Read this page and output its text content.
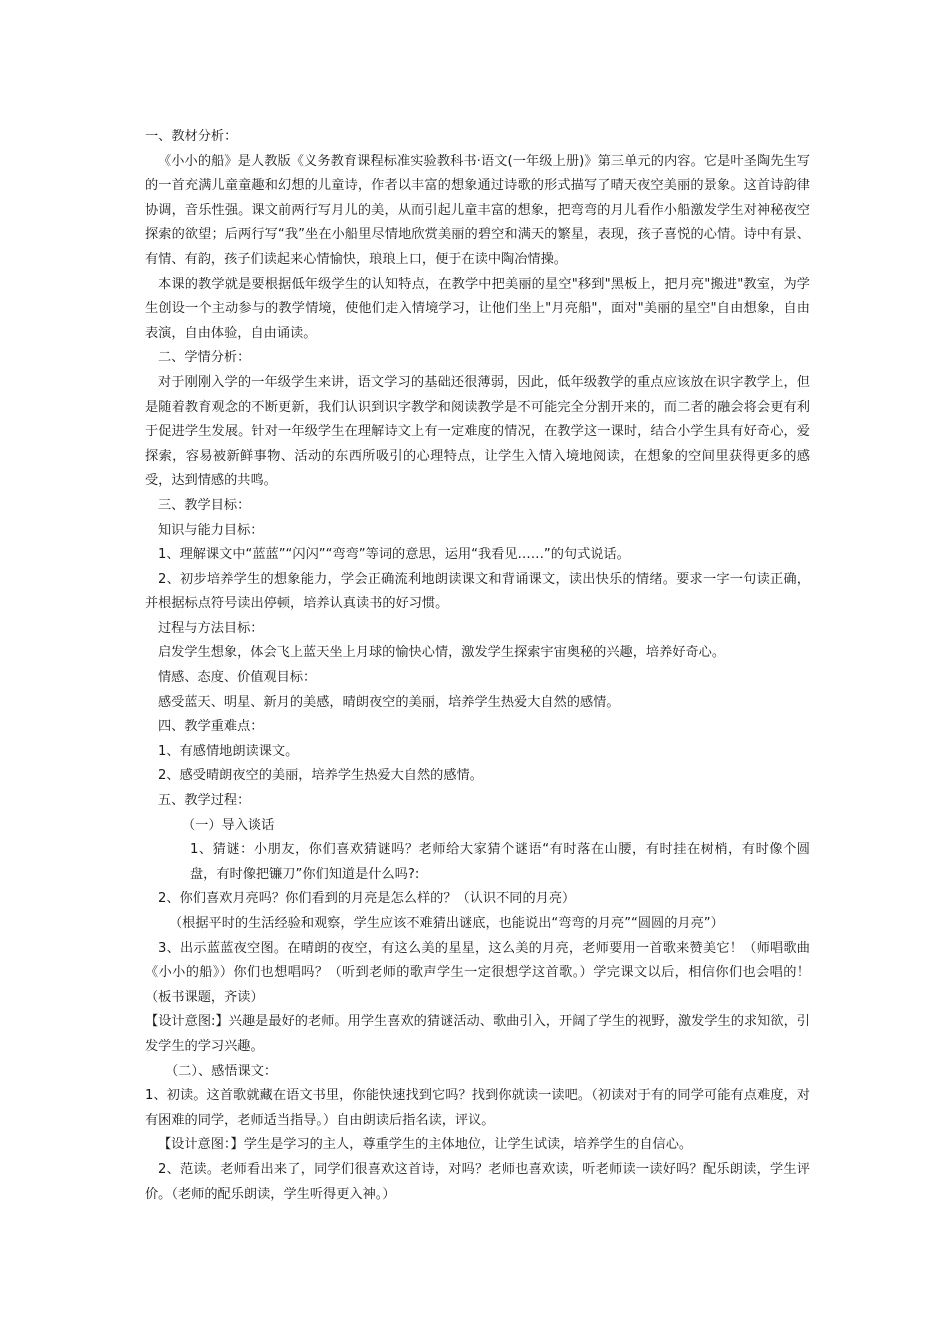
一、教材分析：

《小小的船》是人教版《义务教育课程标准实验教科书·语文(一年级上册)》第三单元的内容。它是叶圣陶先生写的一首充满儿童童趣和幻想的儿童诗，作者以丰富的想象通过诗歌的形式描写了晴天夜空美丽的景象。这首诗韵律协调，音乐性强。课文前两行写月儿的美，从而引起儿童丰富的想象，把弯弯的月儿看作小船激发学生对神秘夜空探索的欲望；后两行写“我”坐在小船里尽情地欣赏美丽的碧空和满天的繁星，表现，孩子喜悦的心情。诗中有景、有情、有韵，孩子们读起来心情愉快，琅琅上口，便于在读中陶冶情操。

本课的教学就是要根据低年级学生的认知特点，在教学中把美丽的星空"移到"黑板上，把月亮"搬进"教室，为学生创设一个主动参与的教学情境，使他们走入情境学习，让他们坐上"月亮船"，面对"美丽的星空"自由想象，自由表演，自由体验，自由诵读。

二、学情分析：

对于刚刚入学的一年级学生来讲，语文学习的基础还很薄弱，因此，低年级教学的重点应该放在识字教学上，但是随着教育观念的不断更新，我们认识到识字教学和阅读教学是不可能完全分割开来的，而二者的融会将会更有利于促进学生发展。针对一年级学生在理解诗文上有一定难度的情况，在教学这一课时，结合小学生具有好奇心，爱探索，容易被新鲜事物、活动的东西所吸引的心理特点，让学生入情入境地阅读，在想象的空间里获得更多的感受，达到情感的共鸣。

三、教学目标：

知识与能力目标：

1、理解课文中“蓝蓝”“闪闪”“弯弯”等词的意思，运用“我看见……”的句式说话。

2、初步培养学生的想象能力，学会正确流利地朗读课文和背诵课文，读出快乐的情绪。要求一字一句读正确，并根据标点符号读出停顿，培养认真读书的好习惯。

过程与方法目标：

启发学生想象，体会飞上蓝天坐上月球的愉快心情，激发学生探索宇宙奥秘的兴趣，培养好奇心。

情感、态度、价值观目标：

感受蓝天、明星、新月的美感，晴朗夜空的美丽，培养学生热爱大自然的感情。

四、教学重难点：

1、有感情地朗读课文。

2、感受晴朗夜空的美丽，培养学生热爱大自然的感情。

五、教学过程：

（一）导入谈话

1、猜谜：小朋友，你们喜欢猜谜吗？老师给大家猜个谜语“有时落在山腰，有时挂在树梢，有时像个圆盘，有时像把镰刀”你们知道是什么吗?:

2、你们喜欢月亮吗？你们看到的月亮是怎么样的？（认识不同的月亮）

（根据平时的生活经验和观察，学生应该不难猜出谜底，也能说出“弯弯的月亮”“圆圆的月亮”）

3、出示蓝蓝夜空图。在晴朗的夜空，有这么美的星星，这么美的月亮，老师要用一首歌来赞美它！（师唱歌曲《小小的船》）你们也想唱吗？（听到老师的歌声学生一定很想学这首歌。）学完课文以后，相信你们也会唱的！（板书课题，齐读）

【设计意图:】兴趣是最好的老师。用学生喜欢的猜谜活动、歌曲引入，开阔了学生的视野，激发学生的求知欲，引发学生的学习兴趣。

（二）、感悟课文：

1、初读。这首歌就藏在语文书里，你能快速找到它吗？找到你就读一读吧。（初读对于有的同学可能有点难度，对有困难的同学，老师适当指导。）自由朗读后指名读，评议。

【设计意图：】学生是学习的主人，尊重学生的主体地位，让学生试读，培养学生的自信心。

2、范读。老师看出来了，同学们很喜欢这首诗，对吗？老师也喜欢读，听老师读一读好吗？配乐朗读，学生评价。（老师的配乐朗读，学生听得更入神。）
